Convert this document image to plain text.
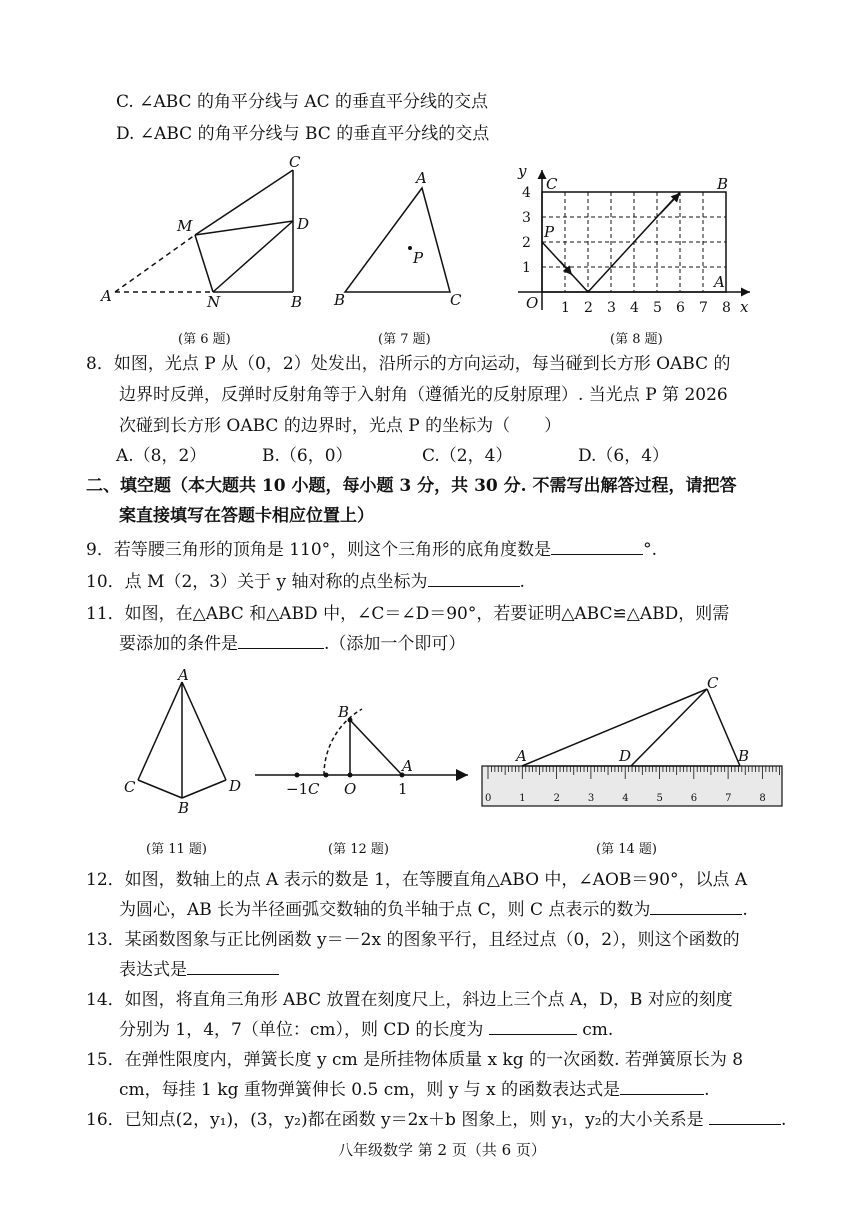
C. ∠ABC 的角平分线与 AC 的垂直平分线的交点
D. ∠ABC 的角平分线与 BC 的垂直平分线的交点
C
M	D
A	N	B
(第 6 题)
A
P
B	C
(第 7 题)
1 2 3 4 5 6 7 8
1
2
3
4
y
x
O
C	B
P
A
(第 8 题)
8．如图，光点 P 从（0，2）处发出，沿所示的方向运动，每当碰到长方形 OABC 的
边界时反弹，反弹时反射角等于入射角（遵循光的反射原理）. 当光点 P 第 2026
次碰到长方形 OABC 的边界时，光点 P 的坐标为（　　）
A.（8，2）	B.（6，0）	C.（2，4）	D.（6，4）
二、填空题（本大题共 10 小题，每小题 3 分，共 30 分. 不需写出解答过程，请把答
案直接填写在答题卡相应位置上）
9．若等腰三角形的顶角是 110°，则这个三角形的底角度数是	°.
10．点 M（2，3）关于 y 轴对称的点坐标为	.
11．如图，在△ABC 和△ABD 中，∠C＝∠D＝90°，若要证明△ABC≌△ABD，则需
要添加的条件是	.（添加一个即可）
A
C
B
D
(第 11 题)
B
−1 C O
A
1
(第 12 题)
0	1	2	3	4	5	6	7	8
C
A	D	B
(第 14 题)
12．如图，数轴上的点 A 表示的数是 1，在等腰直角△ABO 中，∠AOB＝90°，以点 A
为圆心，AB 长为半径画弧交数轴的负半轴于点 C，则 C 点表示的数为	.
13．某函数图象与正比例函数 y＝－2x 的图象平行，且经过点（0，2），则这个函数的
表达式是
14．如图，将直角三角形 ABC 放置在刻度尺上，斜边上三个点 A，D，B 对应的刻度
分别为 1，4，7（单位：cm），则 CD 的长度为	cm.
15．在弹性限度内，弹簧长度 y cm 是所挂物体质量 x kg 的一次函数. 若弹簧原长为 8
cm，每挂 1 kg 重物弹簧伸长 0.5 cm，则 y 与 x 的函数表达式是	.
16．已知点(2，y₁)，(3，y₂)都在函数 y＝2x＋b 图象上，则 y₁，y₂的大小关系是	.
八年级数学 第 2 页（共 6 页）
